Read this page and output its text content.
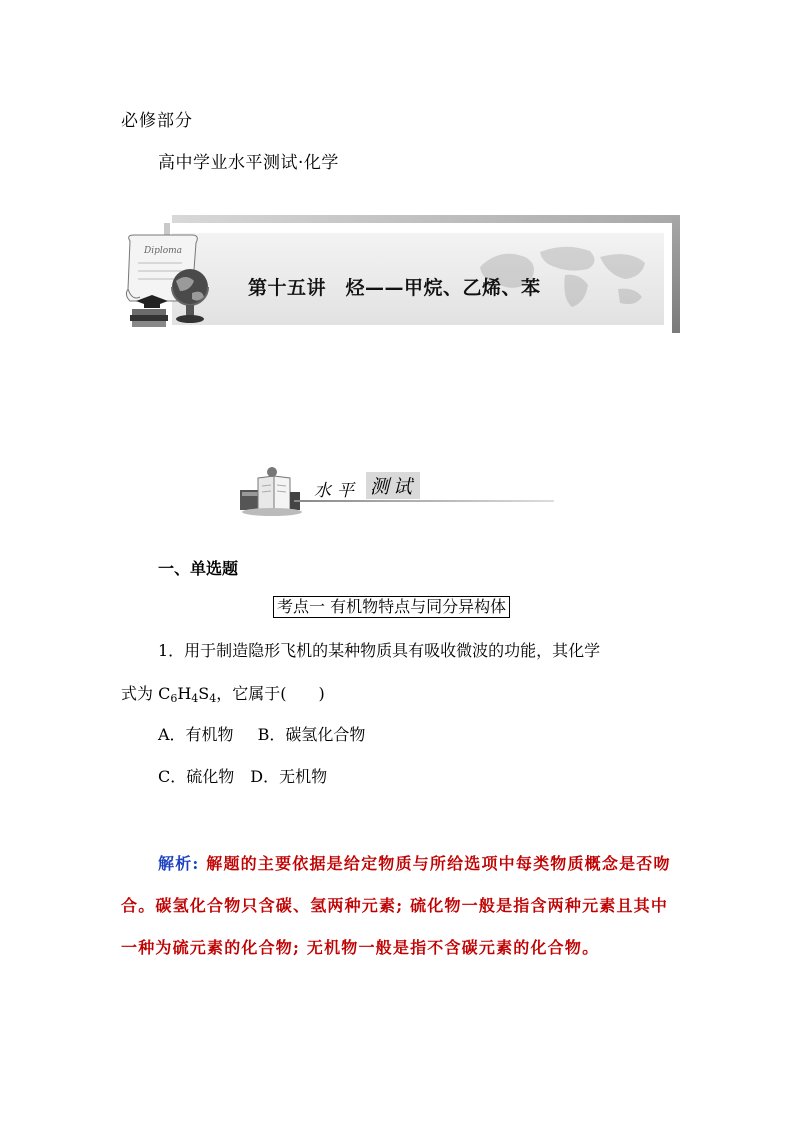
必修部分
高中学业水平测试·化学
Diploma
第十五讲　烃——甲烷、乙烯、苯
水平 测试
一、单选题
考点一 有机物特点与同分异构体
1．用于制造隐形飞机的某种物质具有吸收微波的功能，其化学
式为 $C_6H_4S_4$，它属于(　　)
A．有机物 B．碳氢化合物
C．硫化物 D．无机物
解析: 解题的主要依据是给定物质与所给选项中每类物质概念是否吻合。碳氢化合物只含碳、氢两种元素; 硫化物一般是指含两种元素且其中一种为硫元素的化合物; 无机物一般是指不含碳元素的化合物。
